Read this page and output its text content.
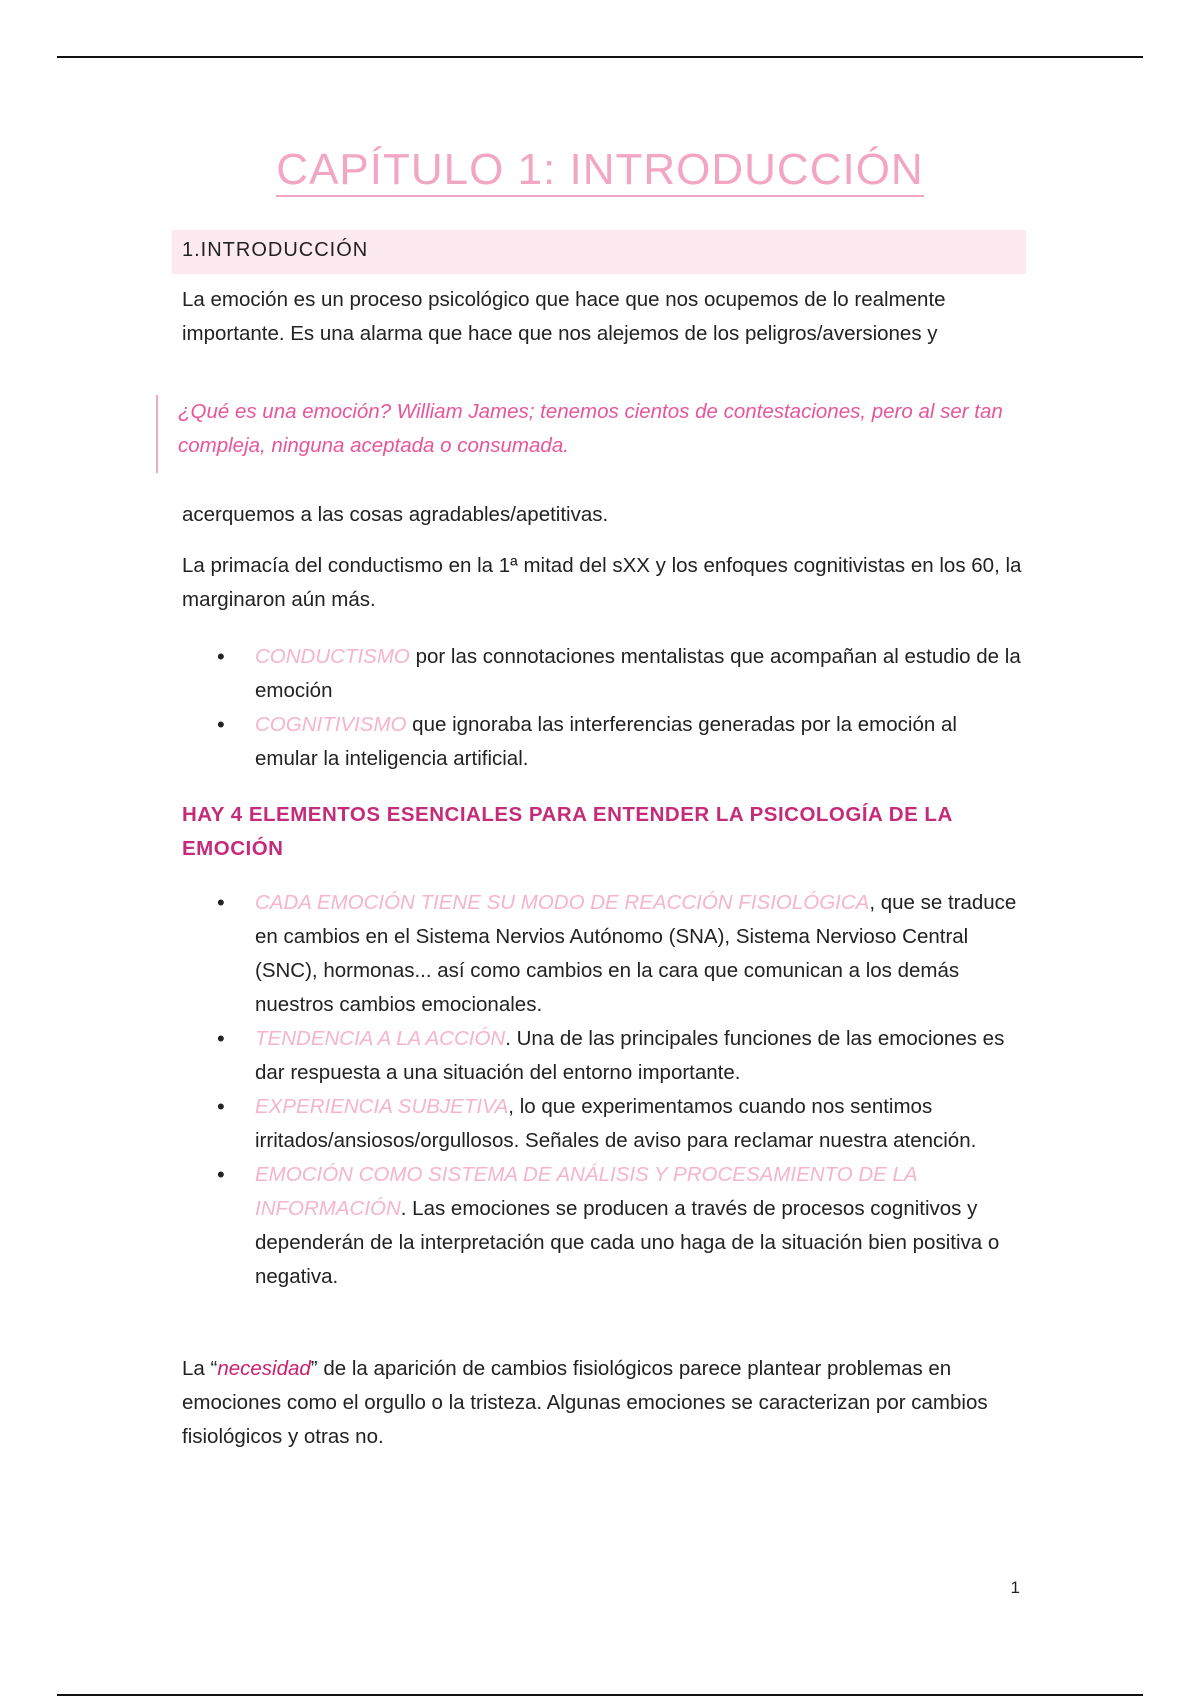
CAPÍTULO 1: INTRODUCCIÓN
1.INTRODUCCIÓN
La emoción es un proceso psicológico que hace que nos ocupemos de lo realmente importante. Es una alarma que hace que nos alejemos de los peligros/aversiones y
¿Qué es una emoción? William James; tenemos cientos de contestaciones, pero al ser tan compleja, ninguna aceptada o consumada.
acerquemos a las cosas agradables/apetitivas.
La primacía del conductismo en la 1ª mitad del sXX y los enfoques cognitivistas en los 60, la marginaron aún más.
• CONDUCTISMO por las connotaciones mentalistas que acompañan al estudio de la emoción
• COGNITIVISMO que ignoraba las interferencias generadas por la emoción al emular la inteligencia artificial.
HAY 4 ELEMENTOS ESENCIALES PARA ENTENDER LA PSICOLOGÍA DE LA EMOCIÓN
• CADA EMOCIÓN TIENE SU MODO DE REACCIÓN FISIOLÓGICA, que se traduce en cambios en el Sistema Nervios Autónomo (SNA), Sistema Nervioso Central (SNC), hormonas... así como cambios en la cara que comunican a los demás nuestros cambios emocionales.
• TENDENCIA A LA ACCIÓN. Una de las principales funciones de las emociones es dar respuesta a una situación del entorno importante.
• EXPERIENCIA SUBJETIVA, lo que experimentamos cuando nos sentimos irritados/ansiosos/orgullosos. Señales de aviso para reclamar nuestra atención.
• EMOCIÓN COMO SISTEMA DE ANÁLISIS Y PROCESAMIENTO DE LA INFORMACIÓN. Las emociones se producen a través de procesos cognitivos y dependerán de la interpretación que cada uno haga de la situación bien positiva o negativa.
La “necesidad” de la aparición de cambios fisiológicos parece plantear problemas en emociones como el orgullo o la tristeza. Algunas emociones se caracterizan por cambios fisiológicos y otras no.
1
